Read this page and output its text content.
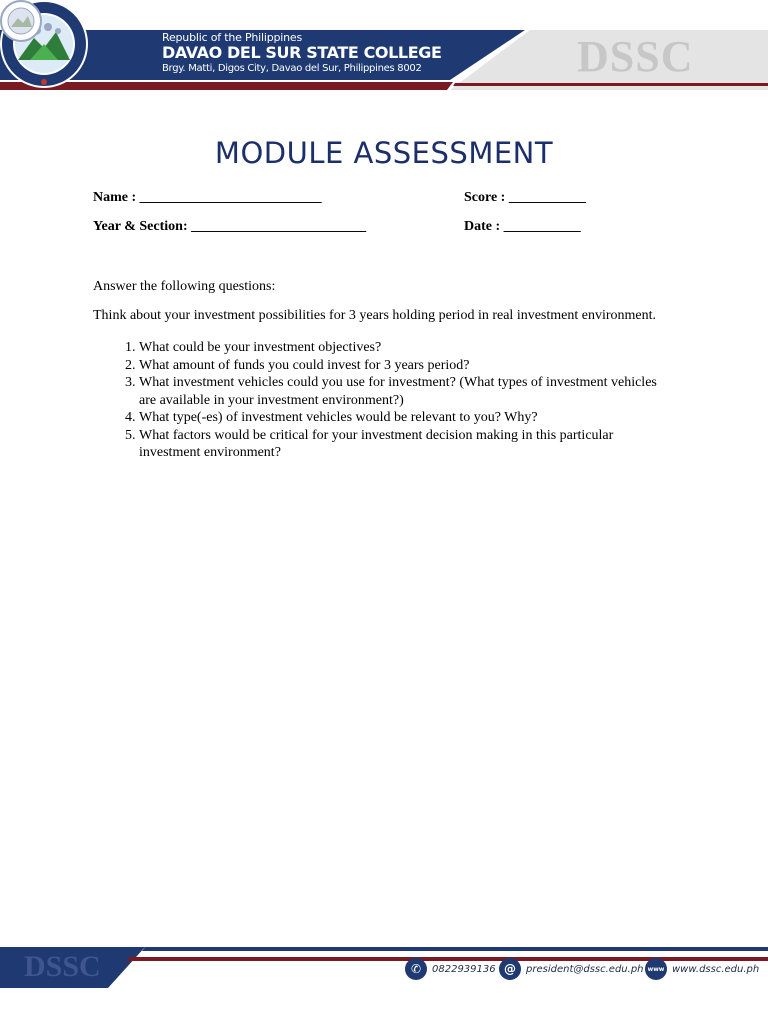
Republic of the Philippines
DAVAO DEL SUR STATE COLLEGE
Brgy. Matti, Digos City, Davao del Sur, Philippines 8002	DSSC
MODULE ASSESSMENT
Name : __________________________	Score : ___________
Year & Section: _________________________	Date : ___________
Answer the following questions:
Think about your investment possibilities for 3 years holding period in real investment environment.
1. What could be your investment objectives?
2. What amount of funds you could invest for 3 years period?
3. What investment vehicles could you use for investment? (What types of investment vehicles are available in your investment environment?)
4. What type(-es) of investment vehicles would be relevant to you? Why?
5. What factors would be critical for your investment decision making in this particular investment environment?
DSSC	✆	0822939136 @	president@dssc.edu.ph www www.dssc.edu.ph
